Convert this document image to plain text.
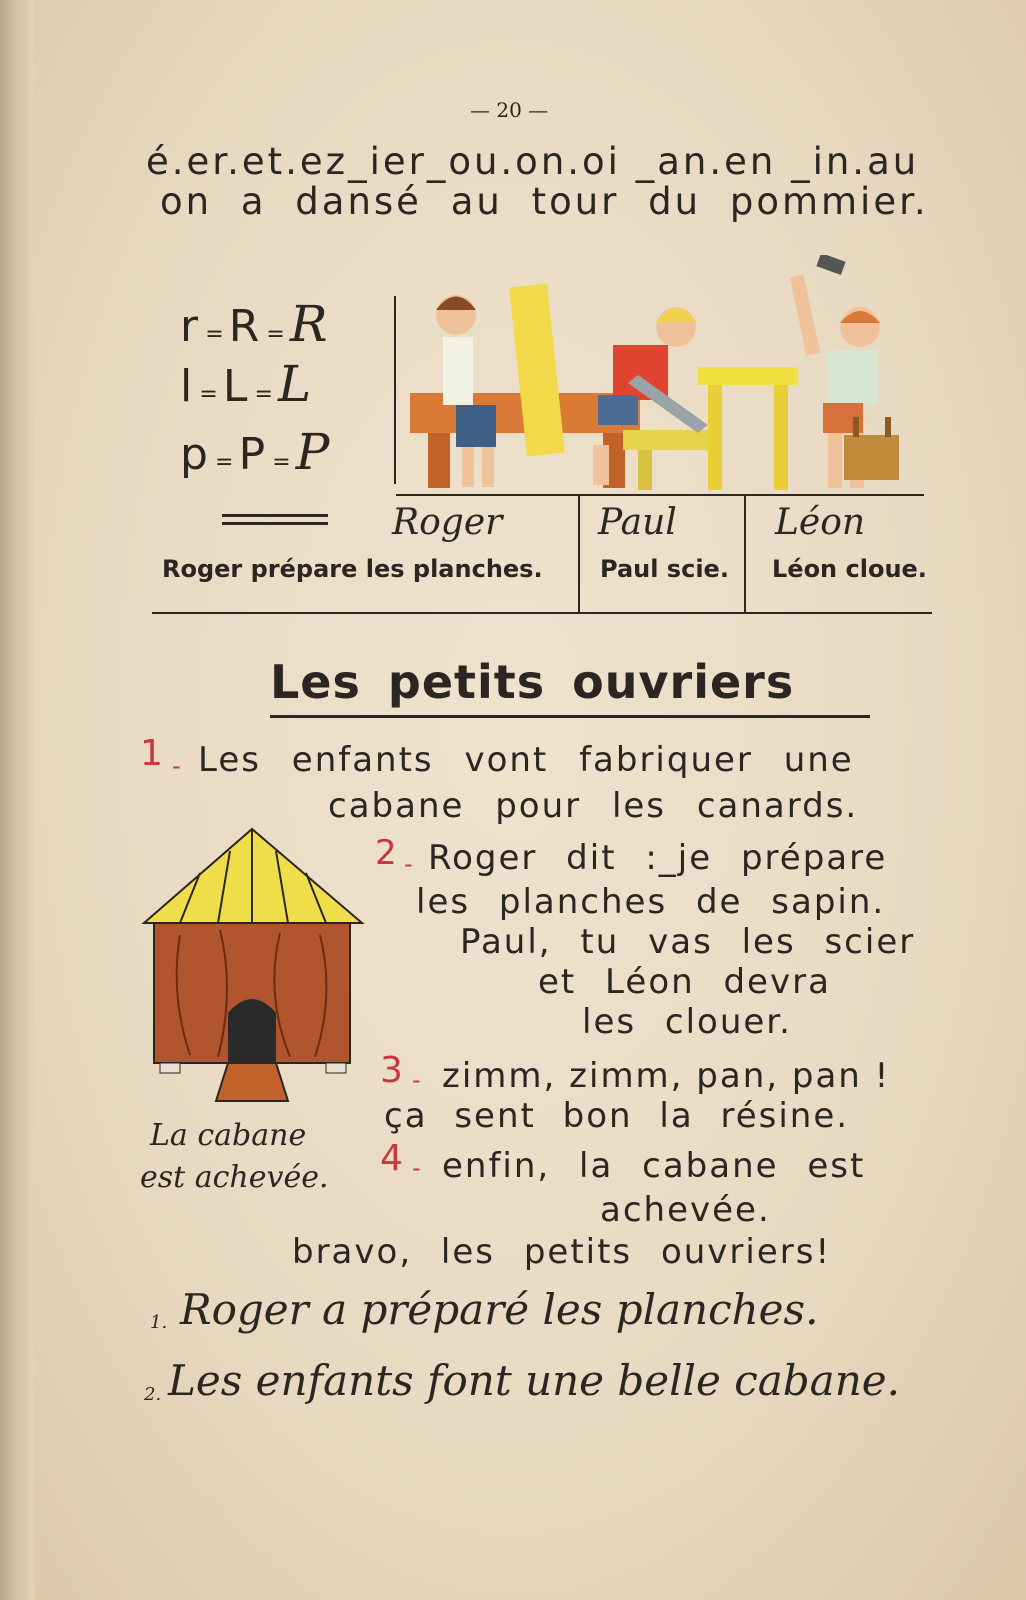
— 20 —
é.er.et.ez_ier_ou.on.oi _an.en _in.au
on a dansé au tour du pommier.
r = R = R
l = L = L
p = P = P
Roger
Roger prépare les planches.
Paul
Paul scie.
Léon
Léon cloue.
Les petits ouvriers
1 - Les enfants vont fabriquer une
cabane pour les canards.
2 - Roger dit :_je prépare
les planches de sapin.
Paul, tu vas les scier
et Léon devra
les clouer.
3 - zimm, zimm, pan, pan !
ça sent bon la résine.
La cabane
est achevée. 4 - enfin, la cabane est
achevée.
bravo, les petits ouvriers!
1. Roger a préparé les planches.
2. Les enfants font une belle cabane.
